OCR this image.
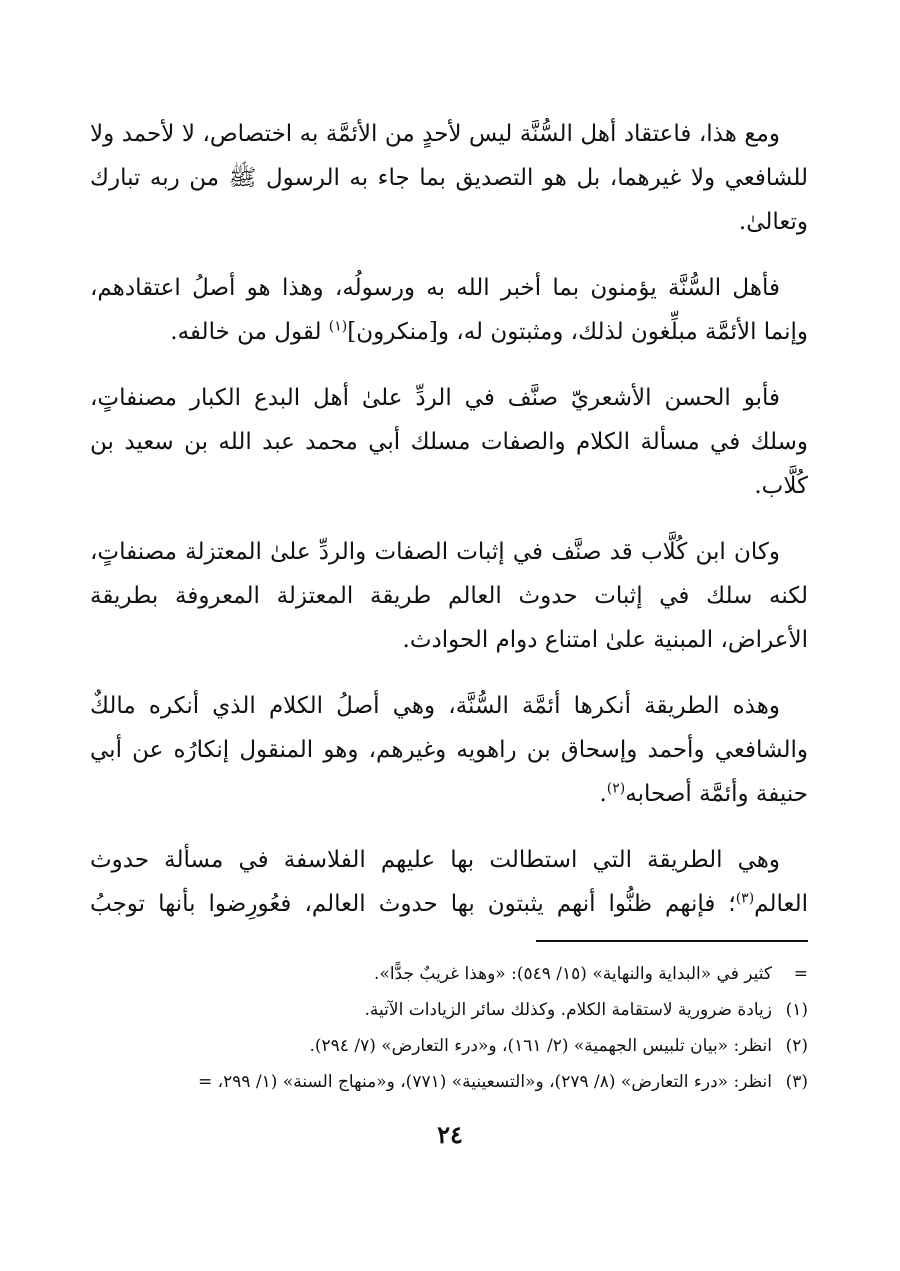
ومع هذا، فاعتقاد أهل السُّنَّة ليس لأحدٍ من الأئمَّة به اختصاص، لا لأحمد ولا للشافعي ولا غيرهما، بل هو التصديق بما جاء به الرسول ﷺ من ربه تبارك وتعالىٰ.

فأهل السُّنَّة يؤمنون بما أخبر الله به ورسولُه، وهذا هو أصلُ اعتقادهم، وإنما الأئمَّة مبلِّغون لذلك، ومثبتون له، و[منكرون]$^{(١)}$ لقول من خالفه.

فأبو الحسن الأشعريّ صنَّف في الردِّ علىٰ أهل البدع الكبار مصنفاتٍ، وسلك في مسألة الكلام والصفات مسلك أبي محمد عبد الله بن سعيد بن كُلَّاب.

وكان ابن كُلَّاب قد صنَّف في إثبات الصفات والردِّ علىٰ المعتزلة مصنفاتٍ، لكنه سلك في إثبات حدوث العالم طريقة المعتزلة المعروفة بطريقة الأعراض، المبنية علىٰ امتناع دوام الحوادث.

وهذه الطريقة أنكرها أئمَّة السُّنَّة، وهي أصلُ الكلام الذي أنكره مالكٌ والشافعي وأحمد وإسحاق بن راهويه وغيرهم، وهو المنقول إنكارُه عن أبي حنيفة وأئمَّة أصحابه$^{(٢)}$.

وهي الطريقة التي استطالت بها عليهم الفلاسفة في مسألة حدوث العالم$^{(٣)}$؛ فإنهم ظنُّوا أنهم يثبتون بها حدوث العالم، فعُورِضوا بأنها توجبُ

=كثير في «البداية والنهاية» (١٥/ ٥٤٩): «وهذا غريبٌ جدًّا».
(١)زيادة ضرورية لاستقامة الكلام. وكذلك سائر الزيادات الآتية.
(٢)انظر: «بيان تلبيس الجهمية» (٢/ ١٦١)، و«درء التعارض» (٧/ ٢٩٤).
(٣)انظر: «درء التعارض» (٨/ ٢٧٩)، و«التسعينية» (٧٧١)، و«منهاج السنة» (١/ ٢٩٩، =
٢٤
